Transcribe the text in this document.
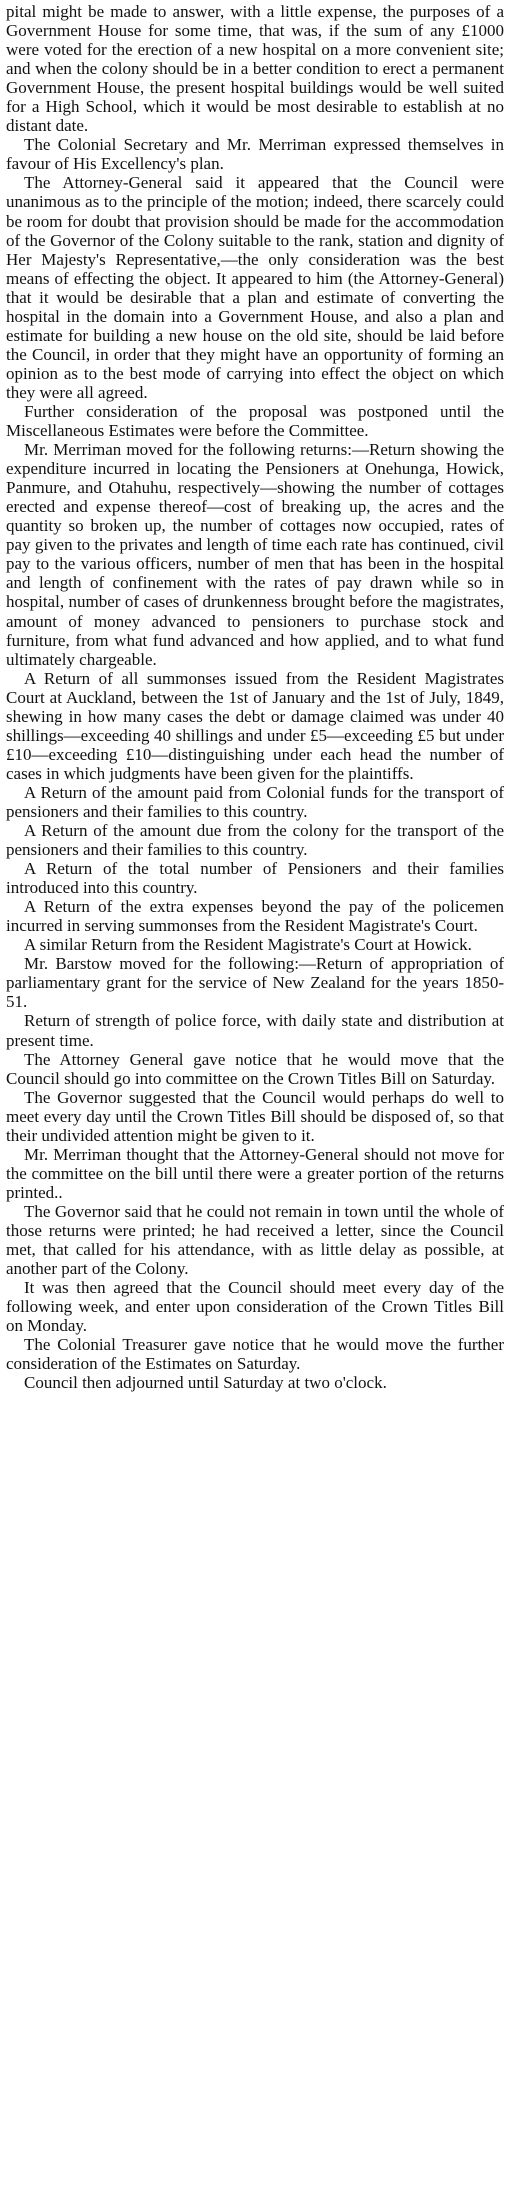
pital might be made to answer, with a little expense, the purposes of a Government House for some time, that was, if the sum of any £1000 were voted for the erection of a new hospital on a more convenient site; and when the colony should be in a better condition to erect a permanent Government House, the present hospital buildings would be well suited for a High School, which it would be most desirable to establish at no distant date.

The Colonial Secretary and Mr. Merriman expressed themselves in favour of His Excellency's plan.

The Attorney-General said it appeared that the Council were unanimous as to the principle of the motion; indeed, there scarcely could be room for doubt that provision should be made for the accommodation of the Governor of the Colony suitable to the rank, station and dignity of Her Majesty's Representative,—the only consideration was the best means of effecting the object. It appeared to him (the Attorney-General) that it would be desirable that a plan and estimate of converting the hospital in the domain into a Government House, and also a plan and estimate for building a new house on the old site, should be laid before the Council, in order that they might have an opportunity of forming an opinion as to the best mode of carrying into effect the object on which they were all agreed.

Further consideration of the proposal was postponed until the Miscellaneous Estimates were before the Committee.

Mr. Merriman moved for the following returns:—Return showing the expenditure incurred in locating the Pensioners at Onehunga, Howick, Panmure, and Otahuhu, respectively—showing the number of cottages erected and expense thereof—cost of breaking up, the acres and the quantity so broken up, the number of cottages now occupied, rates of pay given to the privates and length of time each rate has continued, civil pay to the various officers, number of men that has been in the hospital and length of confinement with the rates of pay drawn while so in hospital, number of cases of drunkenness brought before the magistrates, amount of money advanced to pensioners to purchase stock and furniture, from what fund advanced and how applied, and to what fund ultimately chargeable.

A Return of all summonses issued from the Resident Magistrates Court at Auckland, between the 1st of January and the 1st of July, 1849, shewing in how many cases the debt or damage claimed was under 40 shillings—exceeding 40 shillings and under £5—exceeding £5 but under £10—exceeding £10—distinguishing under each head the number of cases in which judgments have been given for the plaintiffs.

A Return of the amount paid from Colonial funds for the transport of pensioners and their families to this country.

A Return of the amount due from the colony for the transport of the pensioners and their families to this country.

A Return of the total number of Pensioners and their families introduced into this country.

A Return of the extra expenses beyond the pay of the policemen incurred in serving summonses from the Resident Magistrate's Court.

A similar Return from the Resident Magistrate's Court at Howick.

Mr. Barstow moved for the following:—Return of appropriation of parliamentary grant for the service of New Zealand for the years 1850-51.

Return of strength of police force, with daily state and distribution at present time.

The Attorney General gave notice that he would move that the Council should go into committee on the Crown Titles Bill on Saturday.

The Governor suggested that the Council would perhaps do well to meet every day until the Crown Titles Bill should be disposed of, so that their undivided attention might be given to it.

Mr. Merriman thought that the Attorney-General should not move for the committee on the bill until there were a greater portion of the returns printed..

The Governor said that he could not remain in town until the whole of those returns were printed; he had received a letter, since the Council met, that called for his attendance, with as little delay as possible, at another part of the Colony.

It was then agreed that the Council should meet every day of the following week, and enter upon consideration of the Crown Titles Bill on Monday.

The Colonial Treasurer gave notice that he would move the further consideration of the Estimates on Saturday.

Council then adjourned until Saturday at two o'clock.
